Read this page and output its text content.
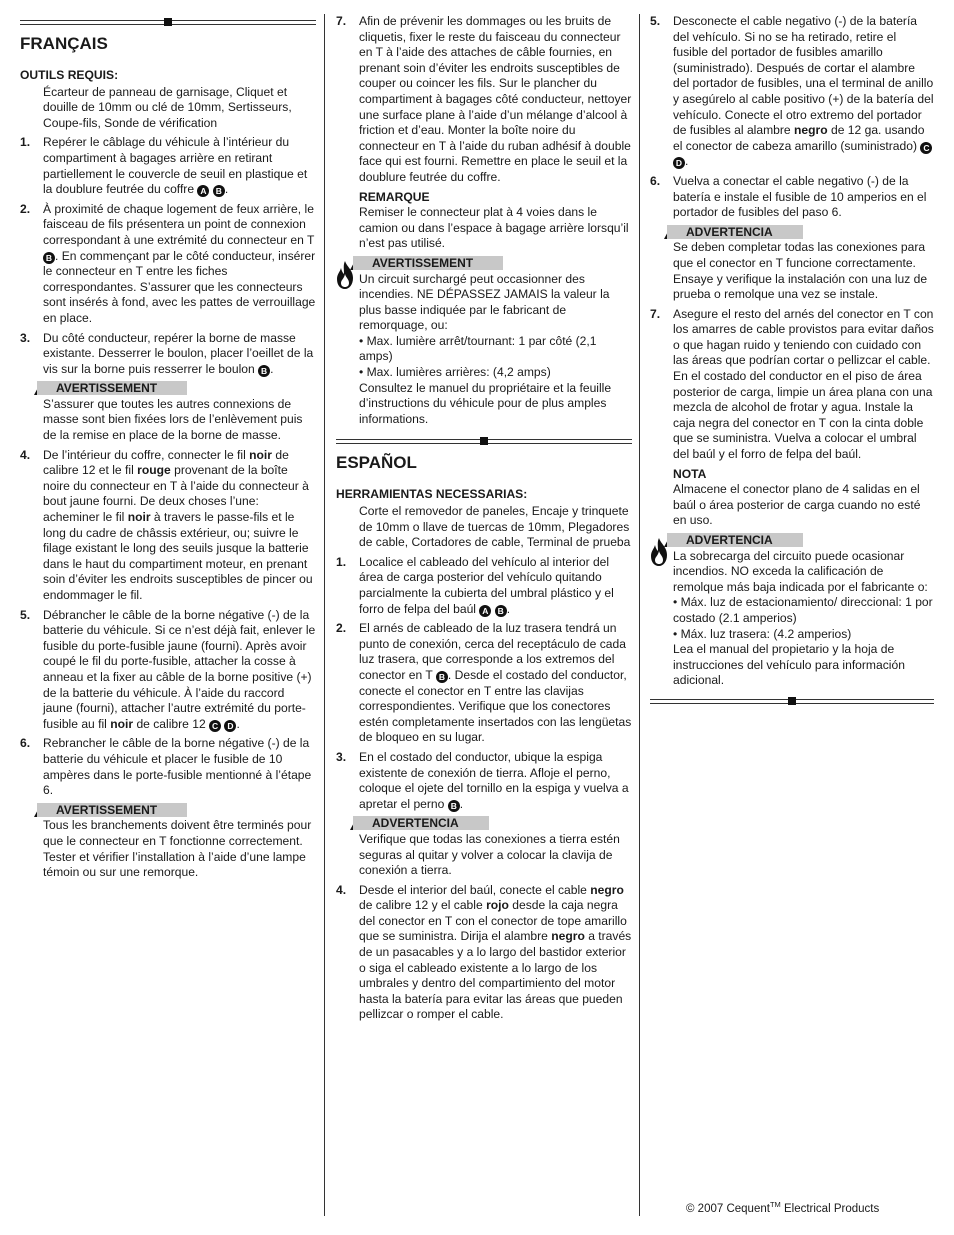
FRANÇAIS
OUTILS REQUIS:
Écarteur de panneau de garnisage, Cliquet et douille de 10mm ou clé de 10mm, Sertisseurs, Coupe-fils, Sonde de vérification
1. Repérer le câblage du véhicule à l’intérieur du compartiment à bagages arrière en retirant partiellement le couvercle de seuil en plastique et la doublure feutrée du coffre A B .
2. À proximité de chaque logement de feux arrière, le faisceau de fils présentera un point de connexion correspondant à une extrémité du connecteur en T B . En commençant par le côté conducteur, insérer le connecteur en T entre les fiches correspondantes. S’assurer que les connecteurs sont insérés à fond, avec les pattes de verrouillage en place.
3. Du côté conducteur, repérer la borne de masse existante. Desserrer le boulon, placer l’oeillet de la vis sur la borne puis resserrer le boulon B .
AVERTISSEMENT
S’assurer que toutes les autres connexions de masse sont bien fixées lors de l’enlèvement puis de la remise en place de la borne de masse.
4. De l’intérieur du coffre, connecter le fil noir de calibre 12 et le fil rouge provenant de la boîte noire du connecteur en T à l’aide du connecteur à bout jaune fourni. De deux choses l’une: acheminer le fil noir à travers le passe-fils et le long du cadre de châssis extérieur, ou; suivre le filage existant le long des seuils jusque la batterie dans le haut du compartiment moteur, en prenant soin d’éviter les endroits susceptibles de pincer ou endommager le fil.
5. Débrancher le câble de la borne négative (-) de la batterie du véhicule. Si ce n’est déjà fait, enlever le fusible du porte-fusible jaune (fourni). Après avoir coupé le fil du porte-fusible, attacher la cosse à anneau et la fixer au câble de la borne positive (+) de la batterie du véhicule. À l’aide du raccord jaune (fourni), attacher l’autre extrémité du porte-fusible au fil noir de calibre 12 C D .
6. Rebrancher le câble de la borne négative (-) de la batterie du véhicule et placer le fusible de 10 ampères dans le porte-fusible mentionné à l’étape 6.
AVERTISSEMENT
Tous les branchements doivent être terminés pour que le connecteur en T fonctionne correctement. Tester et vérifier l’installation à l’aide d’une lampe témoin ou sur une remorque.
7. Afin de prévenir les dommages ou les bruits de cliquetis, fixer le reste du faisceau du connecteur en T à l’aide des attaches de câble fournies, en prenant soin d’éviter les endroits susceptibles de couper ou coincer les fils. Sur le plancher du compartiment à bagages côté conducteur, nettoyer une surface plane à l’aide d’un mélange d’alcool à friction et d’eau. Monter la boîte noire du connecteur en T à l’aide du ruban adhésif à double face qui est fourni. Remettre en place le seuil et la doublure feutrée du coffre.
REMARQUE
Remiser le connecteur plat à 4 voies dans le camion ou dans l’espace à bagage arrière lorsqu’il n’est pas utilisé.
AVERTISSEMENT
Un circuit surchargé peut occasionner des incendies. NE DÉPASSEZ JAMAIS la valeur la plus basse indiquée par le fabricant de remorquage, ou:
• Max. lumière arrêt/tournant: 1 par côté (2,1 amps)
• Max. lumières arrières: (4,2 amps)
Consultez le manuel du propriétaire et la feuille d’instructions du véhicule pour de plus amples informations.
ESPAÑOL
HERRAMIENTAS NECESSARIAS:
Corte el removedor de paneles, Encaje y trinquete de 10mm o llave de tuercas de 10mm, Plegadores de cable, Cortadores de cable, Terminal de prueba
1. Localice el cableado del vehículo al interior del área de carga posterior del vehículo quitando parcialmente la cubierta del umbral plástico y el forro de felpa del baúl A B .
2. El arnés de cableado de la luz trasera tendrá un punto de conexión, cerca del receptáculo de cada luz trasera, que corresponde a los extremos del conector en T B . Desde el costado del conductor, conecte el conector en T entre las clavijas correspondientes. Verifique que los conectores estén completamente insertados con las lengüetas de bloqueo en su lugar.
3. En el costado del conductor, ubique la espiga existente de conexión de tierra. Afloje el perno, coloque el ojete del tornillo en la espiga y vuelva a apretar el perno B .
ADVERTENCIA
Verifique que todas las conexiones a tierra estén seguras al quitar y volver a colocar la clavija de conexión a tierra.
4. Desde el interior del baúl, conecte el cable negro de calibre 12 y el cable rojo desde la caja negra del conector en T con el conector de tope amarillo que se suministra. Dirija el alambre negro a través de un pasacables y a lo largo del bastidor exterior o siga el cableado existente a lo largo de los umbrales y dentro del compartimiento del motor hasta la batería para evitar las áreas que pueden pellizcar o romper el cable.
5. Desconecte el cable negativo (-) de la batería del vehículo. Si no se ha retirado, retire el fusible del portador de fusibles amarillo (suministrado). Después de cortar el alambre del portador de fusibles, una el terminal de anillo y asegúrelo al cable positivo (+) de la batería del vehículo. Conecte el otro extremo del portador de fusibles al alambre negro de 12 ga. usando el conector de cabeza amarillo (suministrado) C D .
6. Vuelva a conectar el cable negativo (-) de la batería e instale el fusible de 10 amperios en el portador de fusibles del paso 6.
ADVERTENCIA
Se deben completar todas las conexiones para que el conector en T funcione correctamente. Ensaye y verifique la instalación con una luz de prueba o remolque una vez se instale.
7. Asegure el resto del arnés del conector en T con los amarres de cable provistos para evitar daños o que hagan ruido y teniendo con cuidado con las áreas que podrían cortar o pellizcar el cable. En el costado del conductor en el piso de área posterior de carga, limpie un área plana con una mezcla de alcohol de frotar y agua. Instale la caja negra del conector en T con la cinta doble que se suministra. Vuelva a colocar el umbral del baúl y el forro de felpa del baúl.
NOTA
Almacene el conector plano de 4 salidas en el baúl o área posterior de carga cuando no esté en uso.
ADVERTENCIA
La sobrecarga del circuito puede ocasionar incendios. NO exceda la calificación de remolque más baja indicada por el fabricante o:
• Máx. luz de estacionamiento/ direccional: 1 por costado (2.1 amperios)
• Máx. luz trasera: (4.2 amperios)
Lea el manual del propietario y la hoja de instrucciones del vehículo para información adicional.
© 2007 Cequent™ Electrical Products
